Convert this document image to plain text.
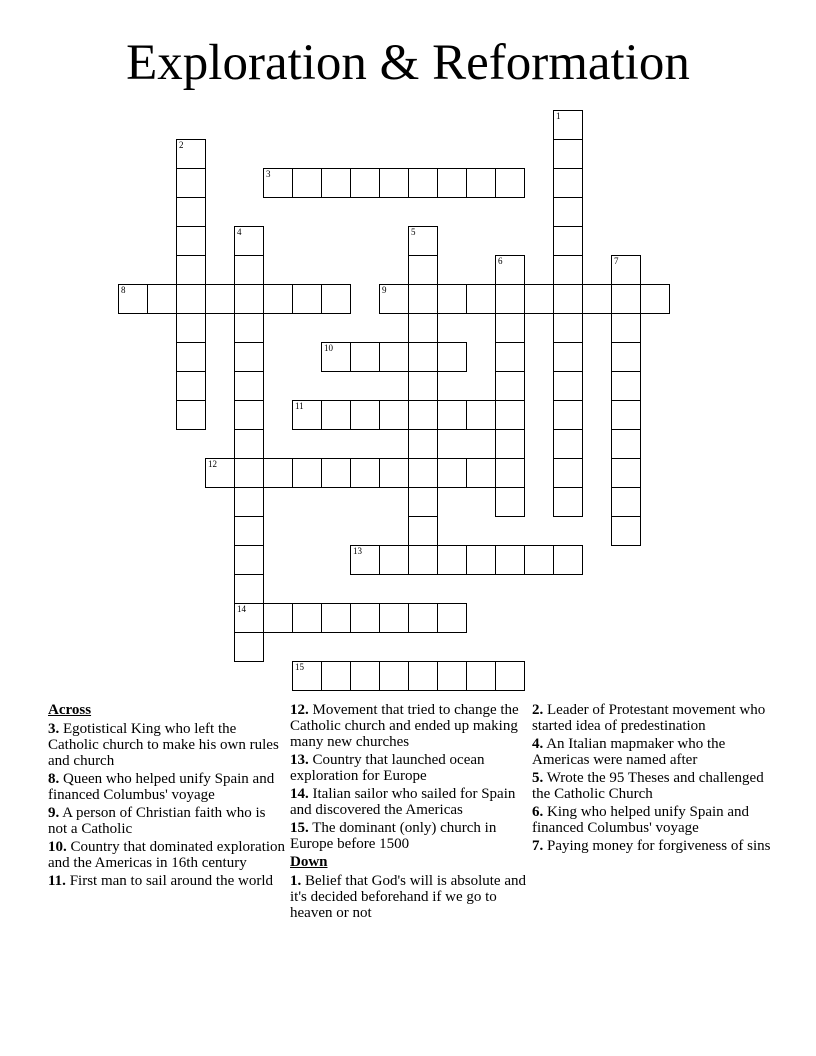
Exploration & Reformation
1
2
3
4
14
5
6	7
8	9
10
11
12
13
15
Across
3. Egotistical King who left the Catholic church to make his own rules and church
8. Queen who helped unify Spain and financed Columbus' voyage
9. A person of Christian faith who is not a Catholic
10. Country that dominated exploration and the Americas in 16th century
11. First man to sail around the world
12. Movement that tried to change the Catholic church and ended up making many new churches
13. Country that launched ocean exploration for Europe
14. Italian sailor who sailed for Spain and discovered the Americas
15. The dominant (only) church in Europe before 1500
Down
1. Belief that God's will is absolute and it's decided beforehand if we go to heaven or not
2. Leader of Protestant movement who started idea of predestination
4. An Italian mapmaker who the Americas were named after
5. Wrote the 95 Theses and challenged the Catholic Church
6. King who helped unify Spain and financed Columbus' voyage
7. Paying money for forgiveness of sins
